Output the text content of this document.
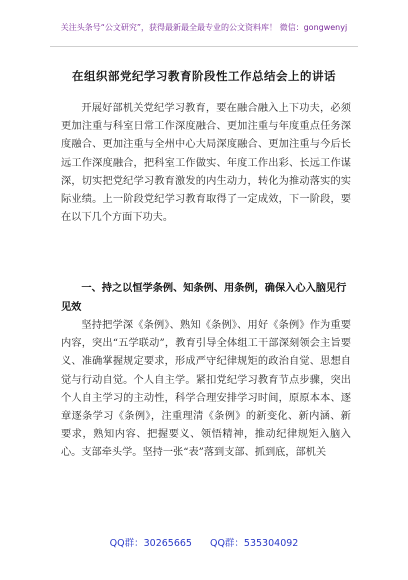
关注头条号“公文研究”，获得最新最全最专业的公文资料库！ 微信：gongwenyj
在组织部党纪学习教育阶段性工作总结会上的讲话
开展好部机关党纪学习教育，要在融合融入上下功夫，必须更加注重与科室日常工作深度融合、更加注重与年度重点任务深度融合、更加注重与全州中心大局深度融合、更加注重与今后长远工作深度融合，把科室工作做实、年度工作出彩、长远工作谋深，切实把党纪学习教育激发的内生动力，转化为推动落实的实际业绩。上一阶段党纪学习教育取得了一定成效，下一阶段，要在以下几个方面下功夫。
一、持之以恒学条例、知条例、用条例，确保入心入脑见行见效
坚持把学深《条例》、熟知《条例》、用好《条例》作为重要内容，突出“五学联动”，教育引导全体组工干部深刻领会主旨要义、准确掌握规定要求，形成严守纪律规矩的政治自觉、思想自觉与行动自觉。个人自主学。紧扣党纪学习教育节点步骤，突出个人自主学习的主动性，科学合理安排学习时间，原原本本、逐章逐条学习《条例》，注重理清《条例》的新变化、新内涵、新要求，熟知内容、把握要义、领悟精神，推动纪律规矩入脑入心。支部牵头学。坚持一张“表”落到支部、抓到底，部机关
QQ群：30265665 QQ群：535304092
